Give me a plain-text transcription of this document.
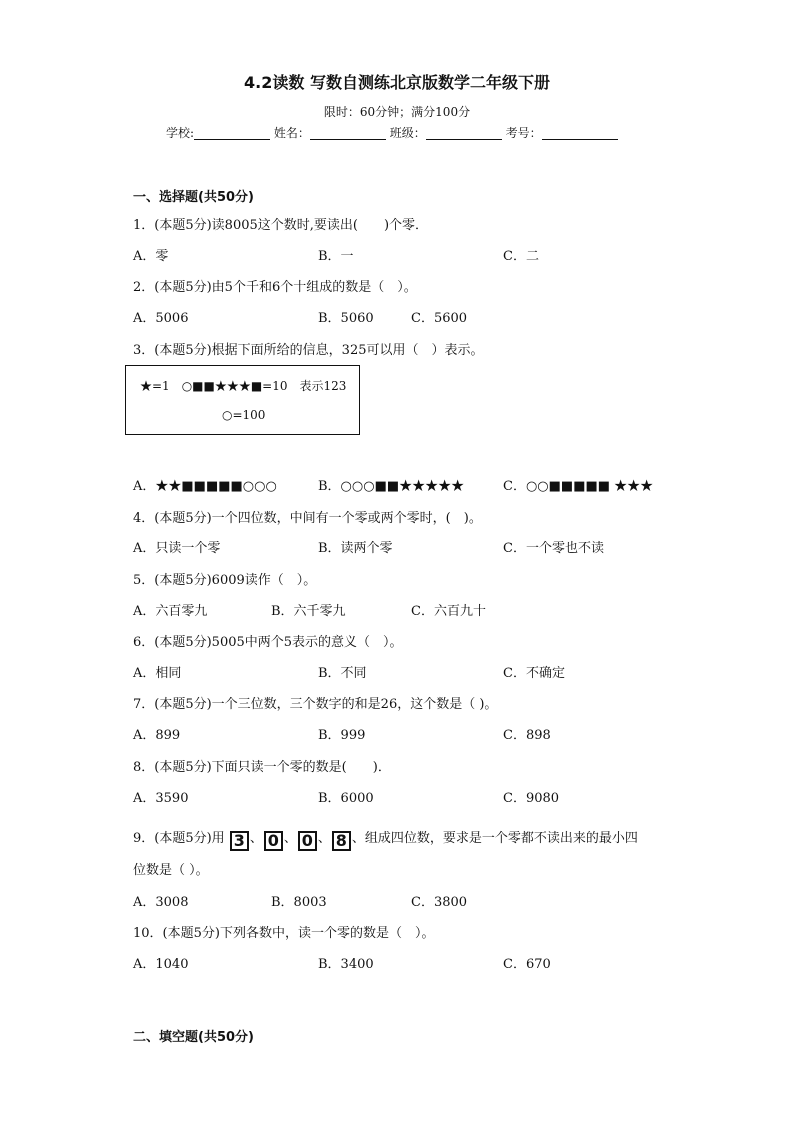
4.2读数 写数自测练北京版数学二年级下册
限时：60分钟；满分100分
学校:	姓名：	班级：	考号：
一、选择题(共50分)
1．(本题5分)读8005这个数时,要读出(　　)个零．
A．零	B．一	C．二
2．(本题5分)由5个千和6个十组成的数是（　）。
A．5006	B．5060	C．5600
3．(本题5分)根据下面所给的信息，325可以用（　）表示。
★=1　○■■★★★■=10　表示123
○=100
A．★★■■■■■○○○	B．○○○■■★★★★★	C．○○■■■■■ ★★★
4．(本题5分)一个四位数，中间有一个零或两个零时，(　)。
A．只读一个零	B．读两个零	C．一个零也不读
5．(本题5分)6009读作（　）。
A．六百零九	B．六千零九	C．六百九十
6．(本题5分)5005中两个5表示的意义（　）。
A．相同	B．不同	C．不确定
7．(本题5分)一个三位数，三个数字的和是26，这个数是（ )。
A．899	B．999	C．898
8．(本题5分)下面只读一个零的数是(　　)．
A．3590	B．6000	C．9080
9．(本题5分)用 3 、 0 、 0 、 8 、组成四位数，要求是一个零都不读出来的最小四
位数是（ ）。
A．3008	B．8003	C．3800
10．(本题5分)下列各数中，读一个零的数是（　）。
A．1040	B．3400	C．670
二、填空题(共50分)
